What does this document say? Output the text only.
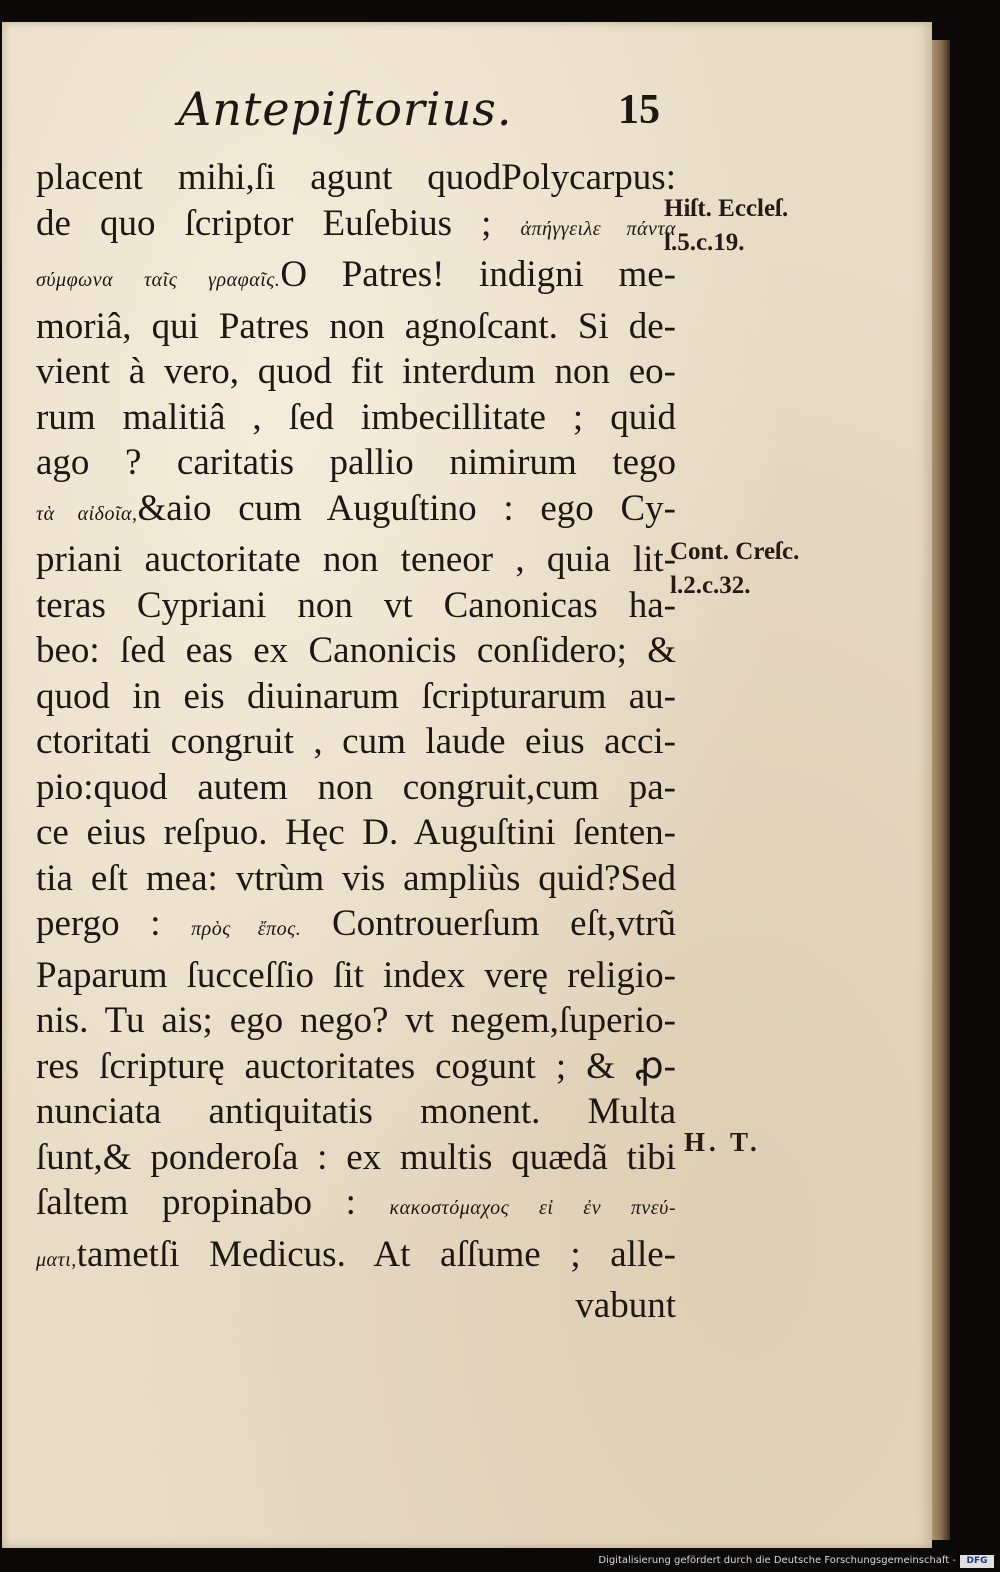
Antepiſtorius.	15
placent mihi,ſi agunt quodPolycarpus:
de quo ſcriptor Euſebius ; ἀπήγγειλε πάντα
σύμφωνα ταῖς γραφαῖς.O Patres! indigni me-
moriâ, qui Patres non agnoſcant. Si de-
vient à vero, quod fit interdum non eo-
rum malitiâ , ſed imbecillitate ; quid
ago ? caritatis pallio nimirum tego
τὰ αἰδοῖα,&aio cum Auguſtino : ego Cy-
priani auctoritate non teneor , quia lit-
teras Cypriani non vt Canonicas ha-
beo: ſed eas ex Canonicis conſidero; &
quod in eis diuinarum ſcripturarum au-
ctoritati congruit , cum laude eius acci-
pio:quod autem non congruit,cum pa-
ce eius reſpuo. Hęc D. Auguſtini ſenten-
tia eſt mea: vtrùm vis ampliùs quid?Sed
pergo : πρὸς ἔπος. Controuerſum eſt,vtrũ
Paparum ſucceſſio ſit index verę religio-
nis. Tu ais; ego nego? vt negem,ſuperio-
res ſcripturę auctoritates cogunt ; & ꝓ-
nunciata antiquitatis monent. Multa
ſunt,& ponderoſa : ex multis quædã tibi
ſaltem propinabo : κακοστόμαχος εἰ ἐν πνεύ-
ματι,tametſi Medicus. At aſſume ; alle-
vabunt
Hiſt. Eccleſ.
l.5.c.19.
Cont. Creſc.
l.2.c.32.
H. T.
Digitalisierung gefördert durch die Deutsche Forschungsgemeinschaft -	DFG
